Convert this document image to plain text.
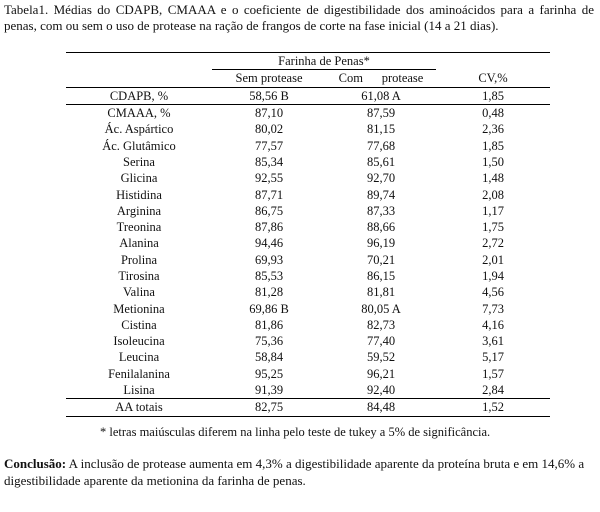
Tabela1. Médias do CDAPB, CMAAA e o coeficiente de digestibilidade dos aminoácidos para a farinha de penas, com ou sem o uso de protease na ração de frangos de corte na fase inicial (14 a 21 dias).
	Farinha de Penas*		
	Sem protease	Com      protease	CV,%
CDAPB, %	58,56 B	61,08 A	1,85
CMAAA, %	87,10	87,59	0,48
Ác. Aspártico	80,02	81,15	2,36
Ác. Glutâmico	77,57	77,68	1,85
Serina	85,34	85,61	1,50
Glicina	92,55	92,70	1,48
Histidina	87,71	89,74	2,08
Arginina	86,75	87,33	1,17
Treonina	87,86	88,66	1,75
Alanina	94,46	96,19	2,72
Prolina	69,93	70,21	2,01
Tirosina	85,53	86,15	1,94
Valina	81,28	81,81	4,56
Metionina	69,86 B	80,05 A	7,73
Cistina	81,86	82,73	4,16
Isoleucina	75,36	77,40	3,61
Leucina	58,84	59,52	5,17
Fenilalanina	95,25	96,21	1,57
Lisina	91,39	92,40	2,84
AA totais	82,75	84,48	1,52
* letras maiúsculas diferem na linha pelo teste de tukey a 5% de significância.
Conclusão: A inclusão de protease aumenta em 4,3% a digestibilidade aparente da proteína bruta e em 14,6% a digestibilidade aparente da metionina da farinha de penas.
